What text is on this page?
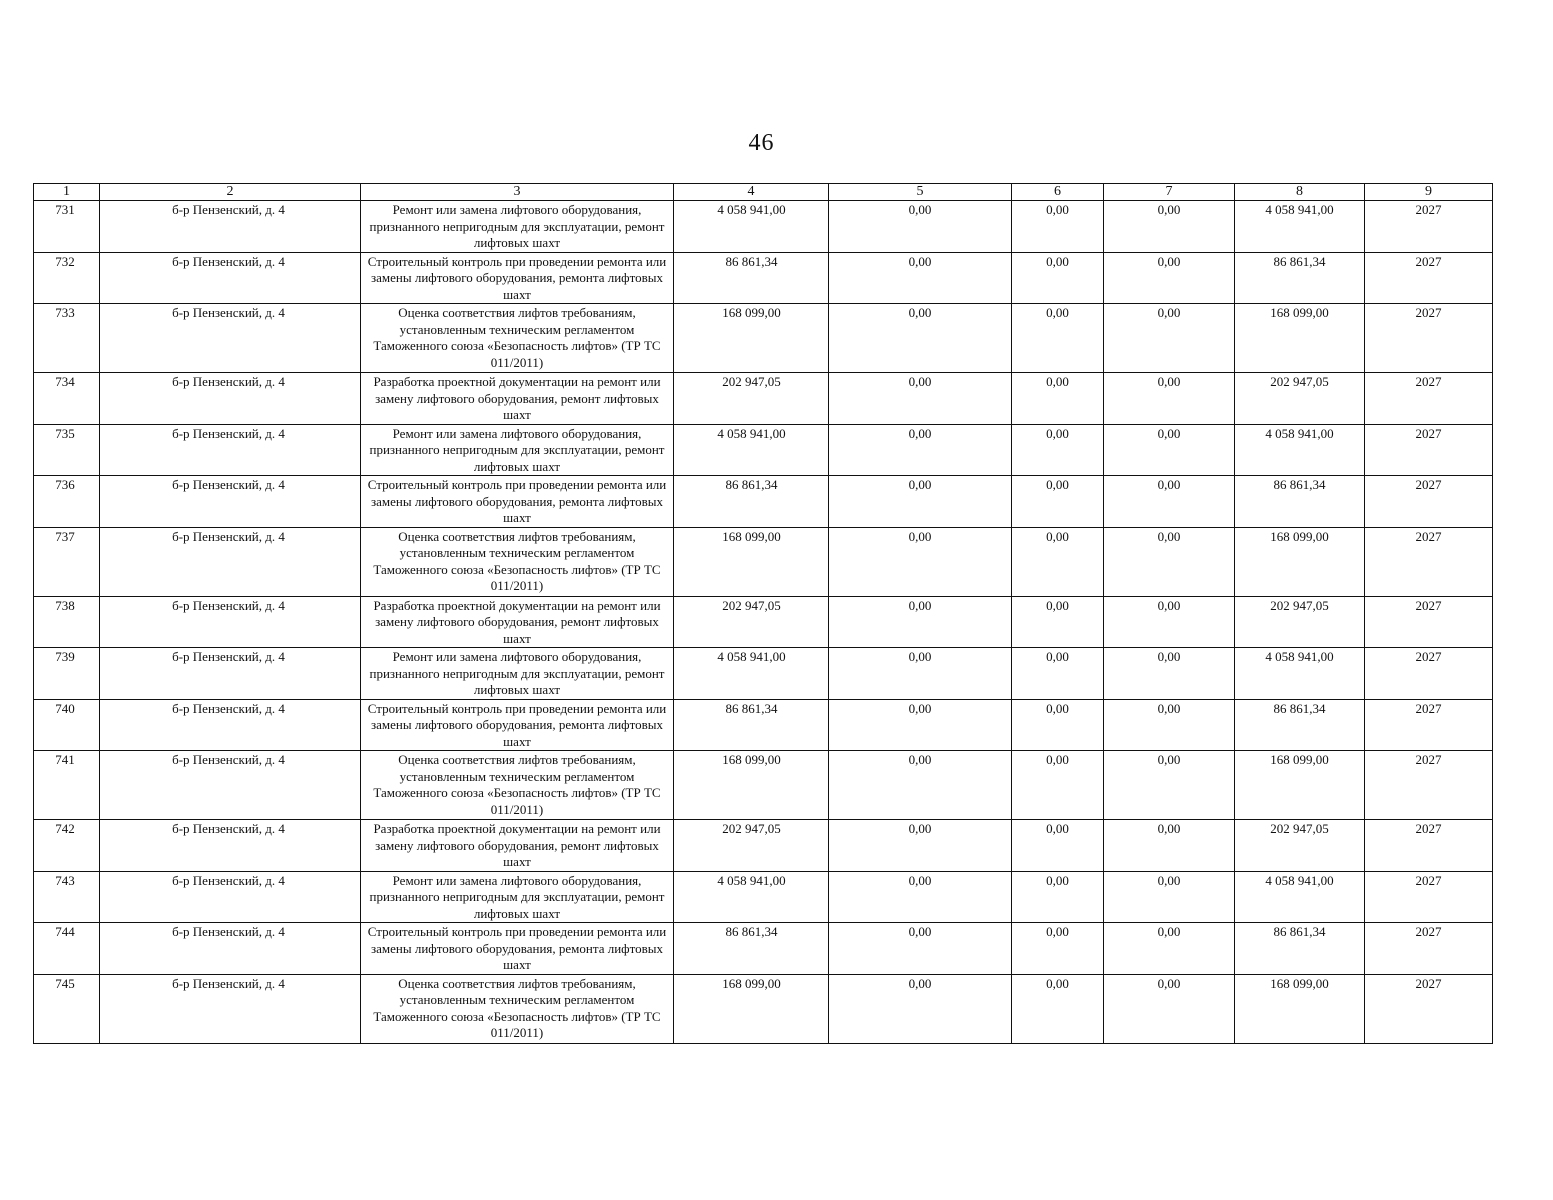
46
1	2	3	4	5	6	7	8	9
731	б-р Пензенский, д. 4	Ремонт или замена лифтового оборудования, признанного непригодным для эксплуатации, ремонт лифтовых шахт	4 058 941,00	0,00	0,00	0,00	4 058 941,00	2027
732	б-р Пензенский, д. 4	Строительный контроль при проведении ремонта или замены лифтового оборудования, ремонта лифтовых шахт	86 861,34	0,00	0,00	0,00	86 861,34	2027
733	б-р Пензенский, д. 4	Оценка соответствия лифтов требованиям, установленным техническим регламентом Таможенного союза «Безопасность лифтов» (ТР ТС 011/2011)	168 099,00	0,00	0,00	0,00	168 099,00	2027
734	б-р Пензенский, д. 4	Разработка проектной документации на ремонт или замену лифтового оборудования, ремонт лифтовых шахт	202 947,05	0,00	0,00	0,00	202 947,05	2027
735	б-р Пензенский, д. 4	Ремонт или замена лифтового оборудования, признанного непригодным для эксплуатации, ремонт лифтовых шахт	4 058 941,00	0,00	0,00	0,00	4 058 941,00	2027
736	б-р Пензенский, д. 4	Строительный контроль при проведении ремонта или замены лифтового оборудования, ремонта лифтовых шахт	86 861,34	0,00	0,00	0,00	86 861,34	2027
737	б-р Пензенский, д. 4	Оценка соответствия лифтов требованиям, установленным техническим регламентом Таможенного союза «Безопасность лифтов» (ТР ТС 011/2011)	168 099,00	0,00	0,00	0,00	168 099,00	2027
738	б-р Пензенский, д. 4	Разработка проектной документации на ремонт или замену лифтового оборудования, ремонт лифтовых шахт	202 947,05	0,00	0,00	0,00	202 947,05	2027
739	б-р Пензенский, д. 4	Ремонт или замена лифтового оборудования, признанного непригодным для эксплуатации, ремонт лифтовых шахт	4 058 941,00	0,00	0,00	0,00	4 058 941,00	2027
740	б-р Пензенский, д. 4	Строительный контроль при проведении ремонта или замены лифтового оборудования, ремонта лифтовых шахт	86 861,34	0,00	0,00	0,00	86 861,34	2027
741	б-р Пензенский, д. 4	Оценка соответствия лифтов требованиям, установленным техническим регламентом Таможенного союза «Безопасность лифтов» (ТР ТС 011/2011)	168 099,00	0,00	0,00	0,00	168 099,00	2027
742	б-р Пензенский, д. 4	Разработка проектной документации на ремонт или замену лифтового оборудования, ремонт лифтовых шахт	202 947,05	0,00	0,00	0,00	202 947,05	2027
743	б-р Пензенский, д. 4	Ремонт или замена лифтового оборудования, признанного непригодным для эксплуатации, ремонт лифтовых шахт	4 058 941,00	0,00	0,00	0,00	4 058 941,00	2027
744	б-р Пензенский, д. 4	Строительный контроль при проведении ремонта или замены лифтового оборудования, ремонта лифтовых шахт	86 861,34	0,00	0,00	0,00	86 861,34	2027
745	б-р Пензенский, д. 4	Оценка соответствия лифтов требованиям, установленным техническим регламентом Таможенного союза «Безопасность лифтов» (ТР ТС 011/2011)	168 099,00	0,00	0,00	0,00	168 099,00	2027
